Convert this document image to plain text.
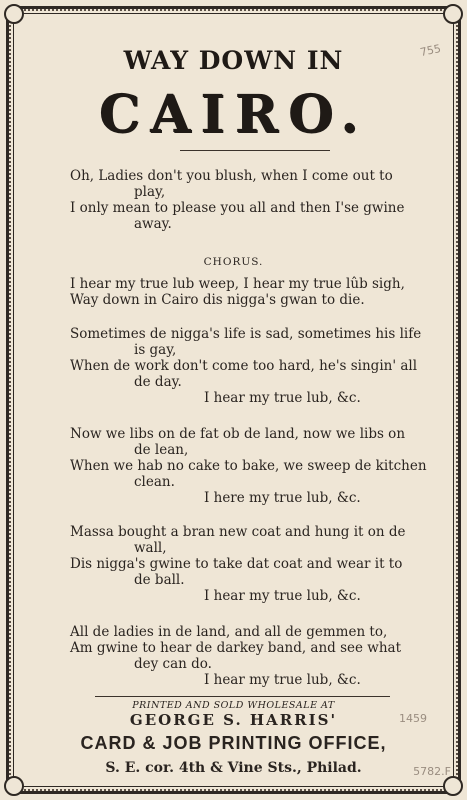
755
WAY DOWN IN
CAIRO.
Oh, Ladies don't you blush, when I come out to
play,
I only mean to please you all and then I'se gwine
away.
CHORUS.
I hear my true lub weep, I hear my true lûb sigh,
Way down in Cairo dis nigga's gwan to die.
Sometimes de nigga's life is sad, sometimes his life
is gay,
When de work don't come too hard, he's singin' all
de day.
I hear my true lub, &c.
Now we libs on de fat ob de land, now we libs on
de lean,
When we hab no cake to bake, we sweep de kitchen
clean.
I here my true lub, &c.
Massa bought a bran new coat and hung it on de
wall,
Dis nigga's gwine to take dat coat and wear it to
de ball.
I hear my true lub, &c.
All de ladies in de land, and all de gemmen to,
Am gwine to hear de darkey band, and see what
dey can do.
I hear my true lub, &c.
PRINTED AND SOLD WHOLESALE AT
GEORGE S. HARRIS'
CARD & JOB PRINTING OFFICE,
S. E. cor. 4th & Vine Sts., Philad.
1459
5782.F
